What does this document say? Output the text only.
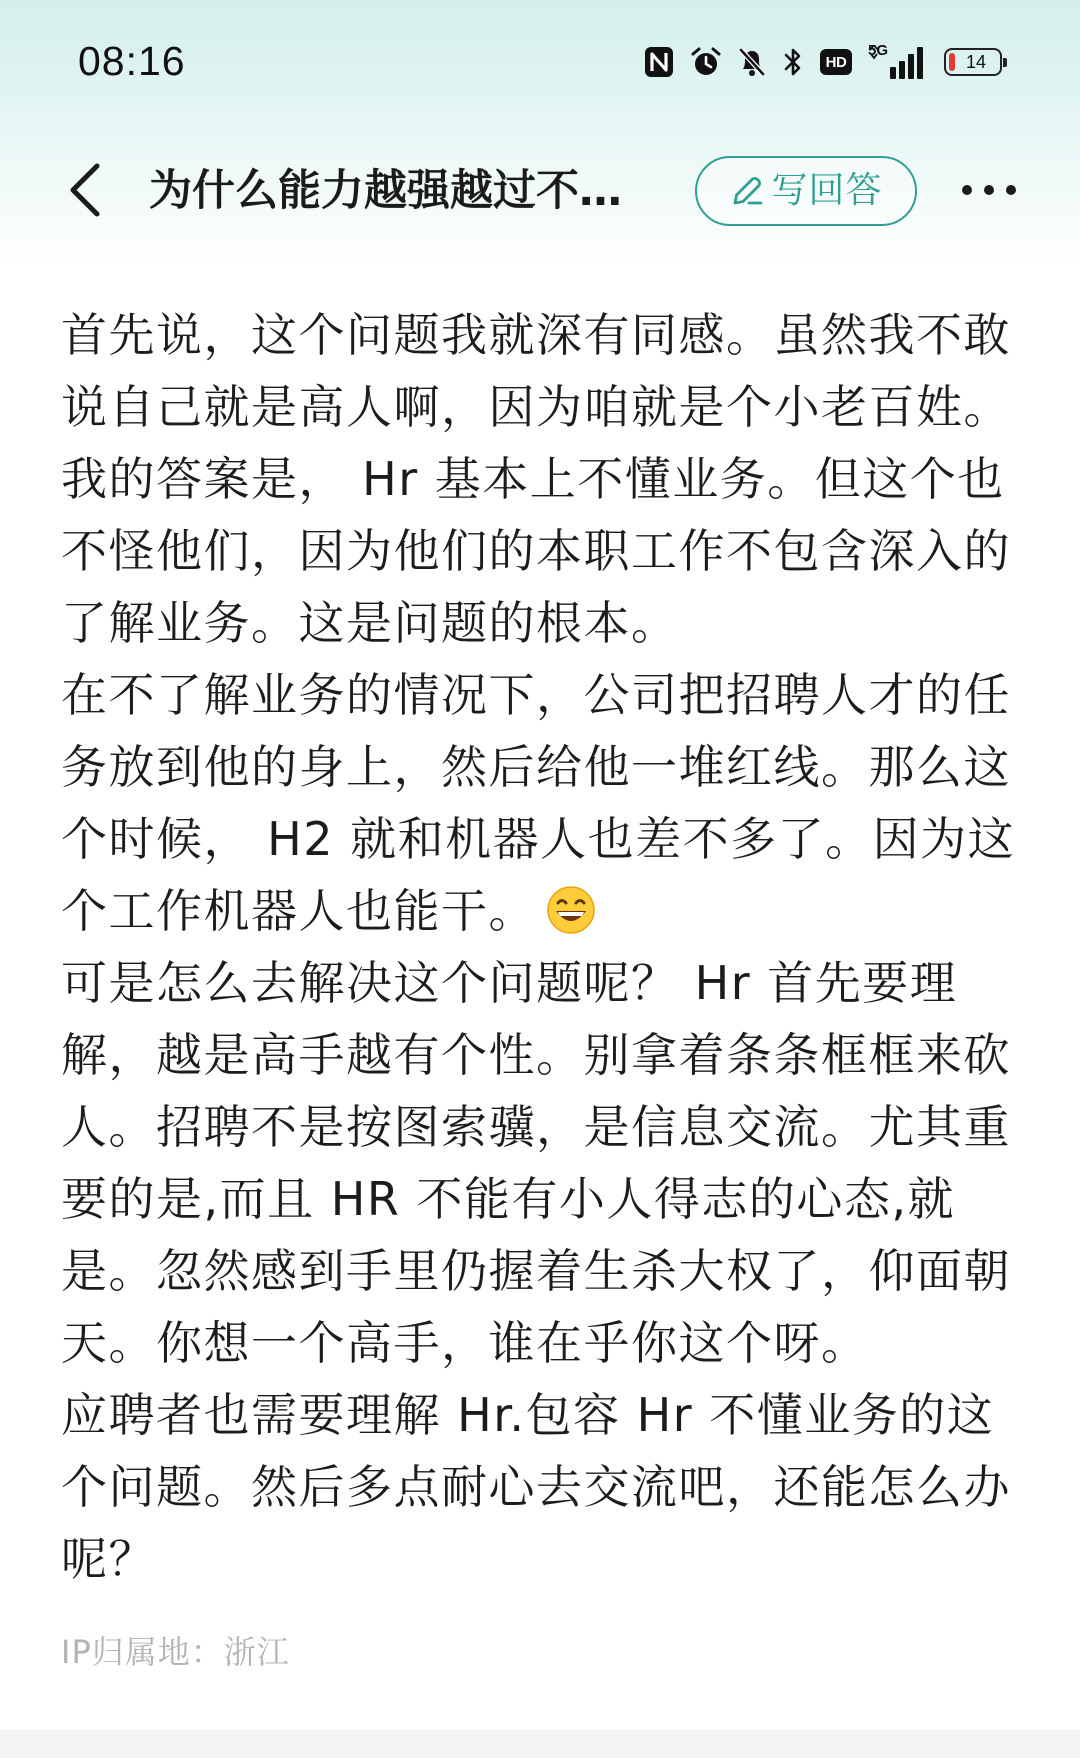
08:16	HD
5G
14
为什么能力越强越过不…	写回答
首先说，这个问题我就深有同感。虽然我不敢
说自己就是高人啊，因为咱就是个小老百姓。
我的答案是， Hr 基本上不懂业务。但这个也
不怪他们，因为他们的本职工作不包含深入的
了解业务。这是问题的根本。
在不了解业务的情况下，公司把招聘人才的任
务放到他的身上，然后给他一堆红线。那么这
个时候， H2 就和机器人也差不多了。因为这
个工作机器人也能干。
可是怎么去解决这个问题呢？ Hr 首先要理
解，越是高手越有个性。别拿着条条框框来砍
人。招聘不是按图索骥，是信息交流。尤其重
要的是,而且 HR 不能有小人得志的心态,就
是。忽然感到手里仍握着生杀大权了，仰面朝
天。你想一个高手，谁在乎你这个呀。
应聘者也需要理解 Hr.包容 Hr 不懂业务的这
个问题。然后多点耐心去交流吧，还能怎么办
呢？
IP归属地：浙江
